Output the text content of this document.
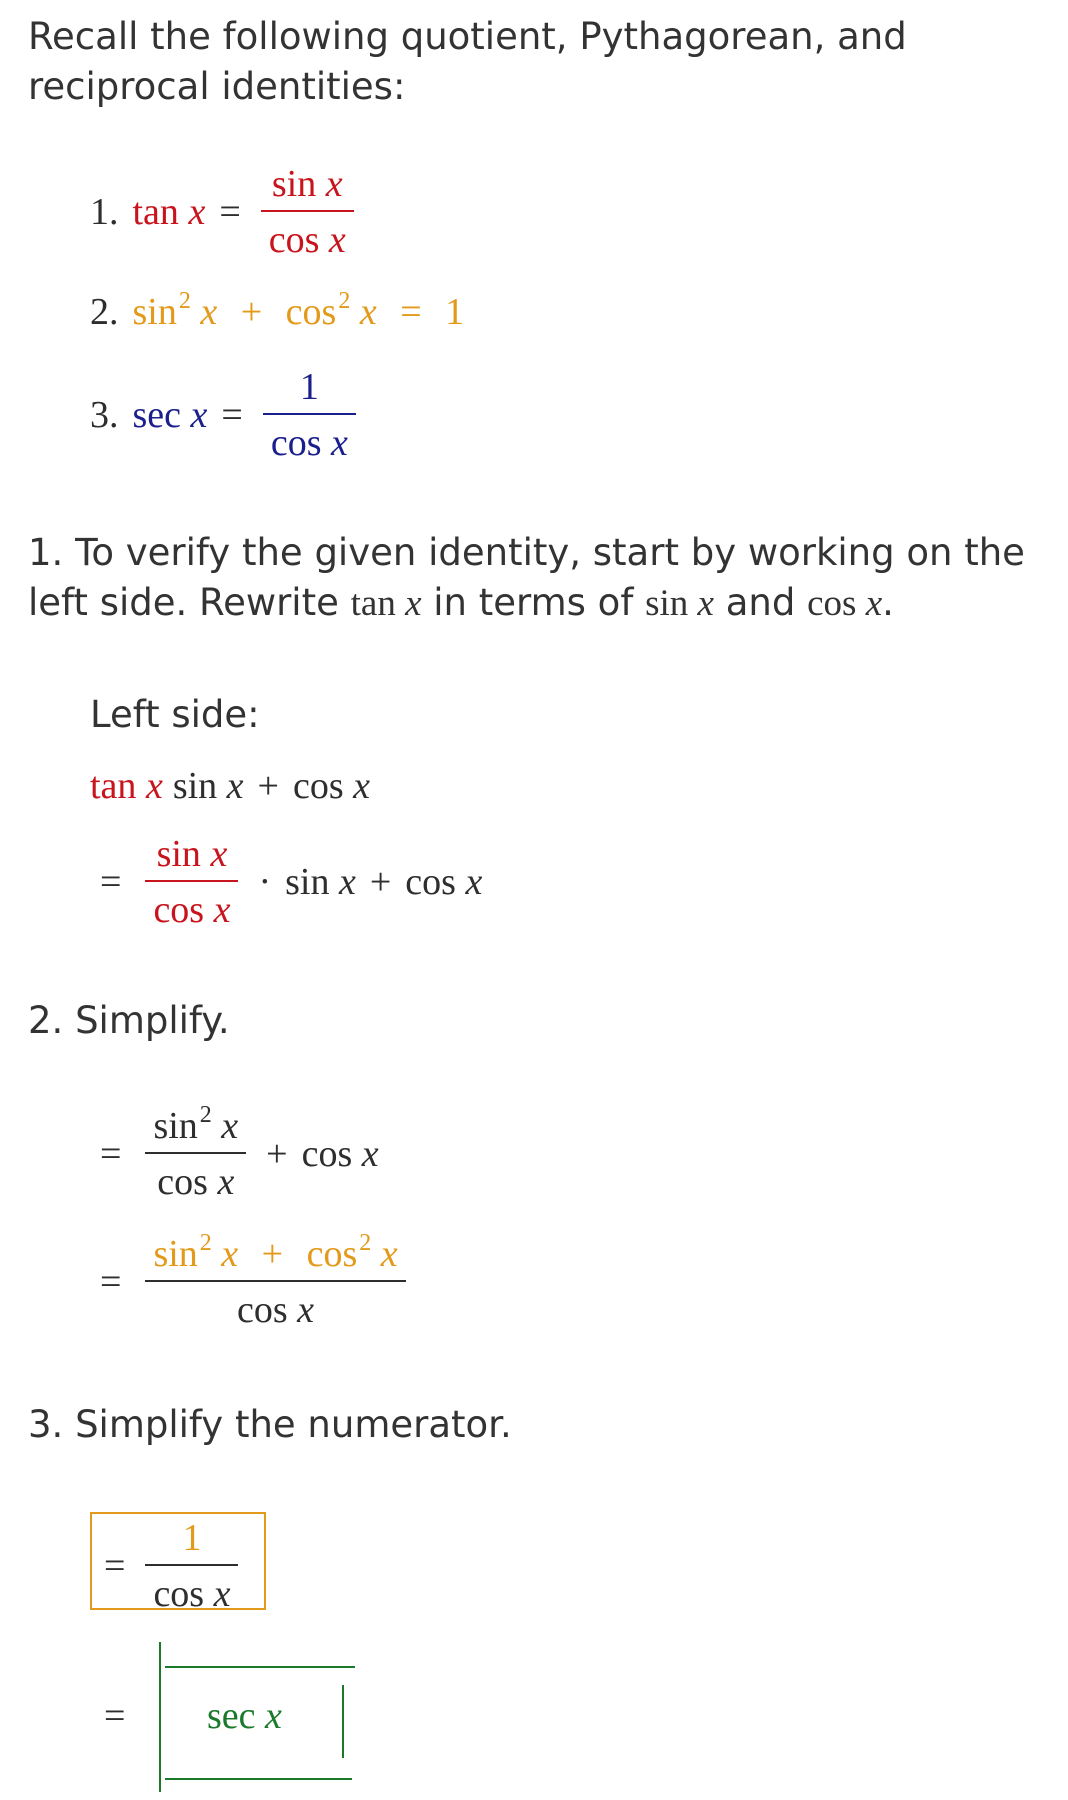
Recall the following quotient, Pythagorean, and reciprocal identities:
1. $\tan x = \frac{\text{sin x}}{\text{cos x}}$
2. $\sin^2 x + \cos^2 x = 1$
3. $\sec x = \frac{1}{\text{cos x}}$
1. To verify the given identity, start by working on the left side. Rewrite tan x in terms of sin x and cos x.
Left side:
tan x sin x + cos x
= $\frac{\text{sin x}}{\text{cos x}} \cdot \sin x + \cos x$
2. Simplify.
= $\frac{\sin^2 x}{\text{cos x}} + \cos x$
= $\frac{\sin^2 x + \cos^2 x}{\text{cos x}}$
3. Simplify the numerator.
= $\frac{1}{\text{cos x}}$
= sec
x
